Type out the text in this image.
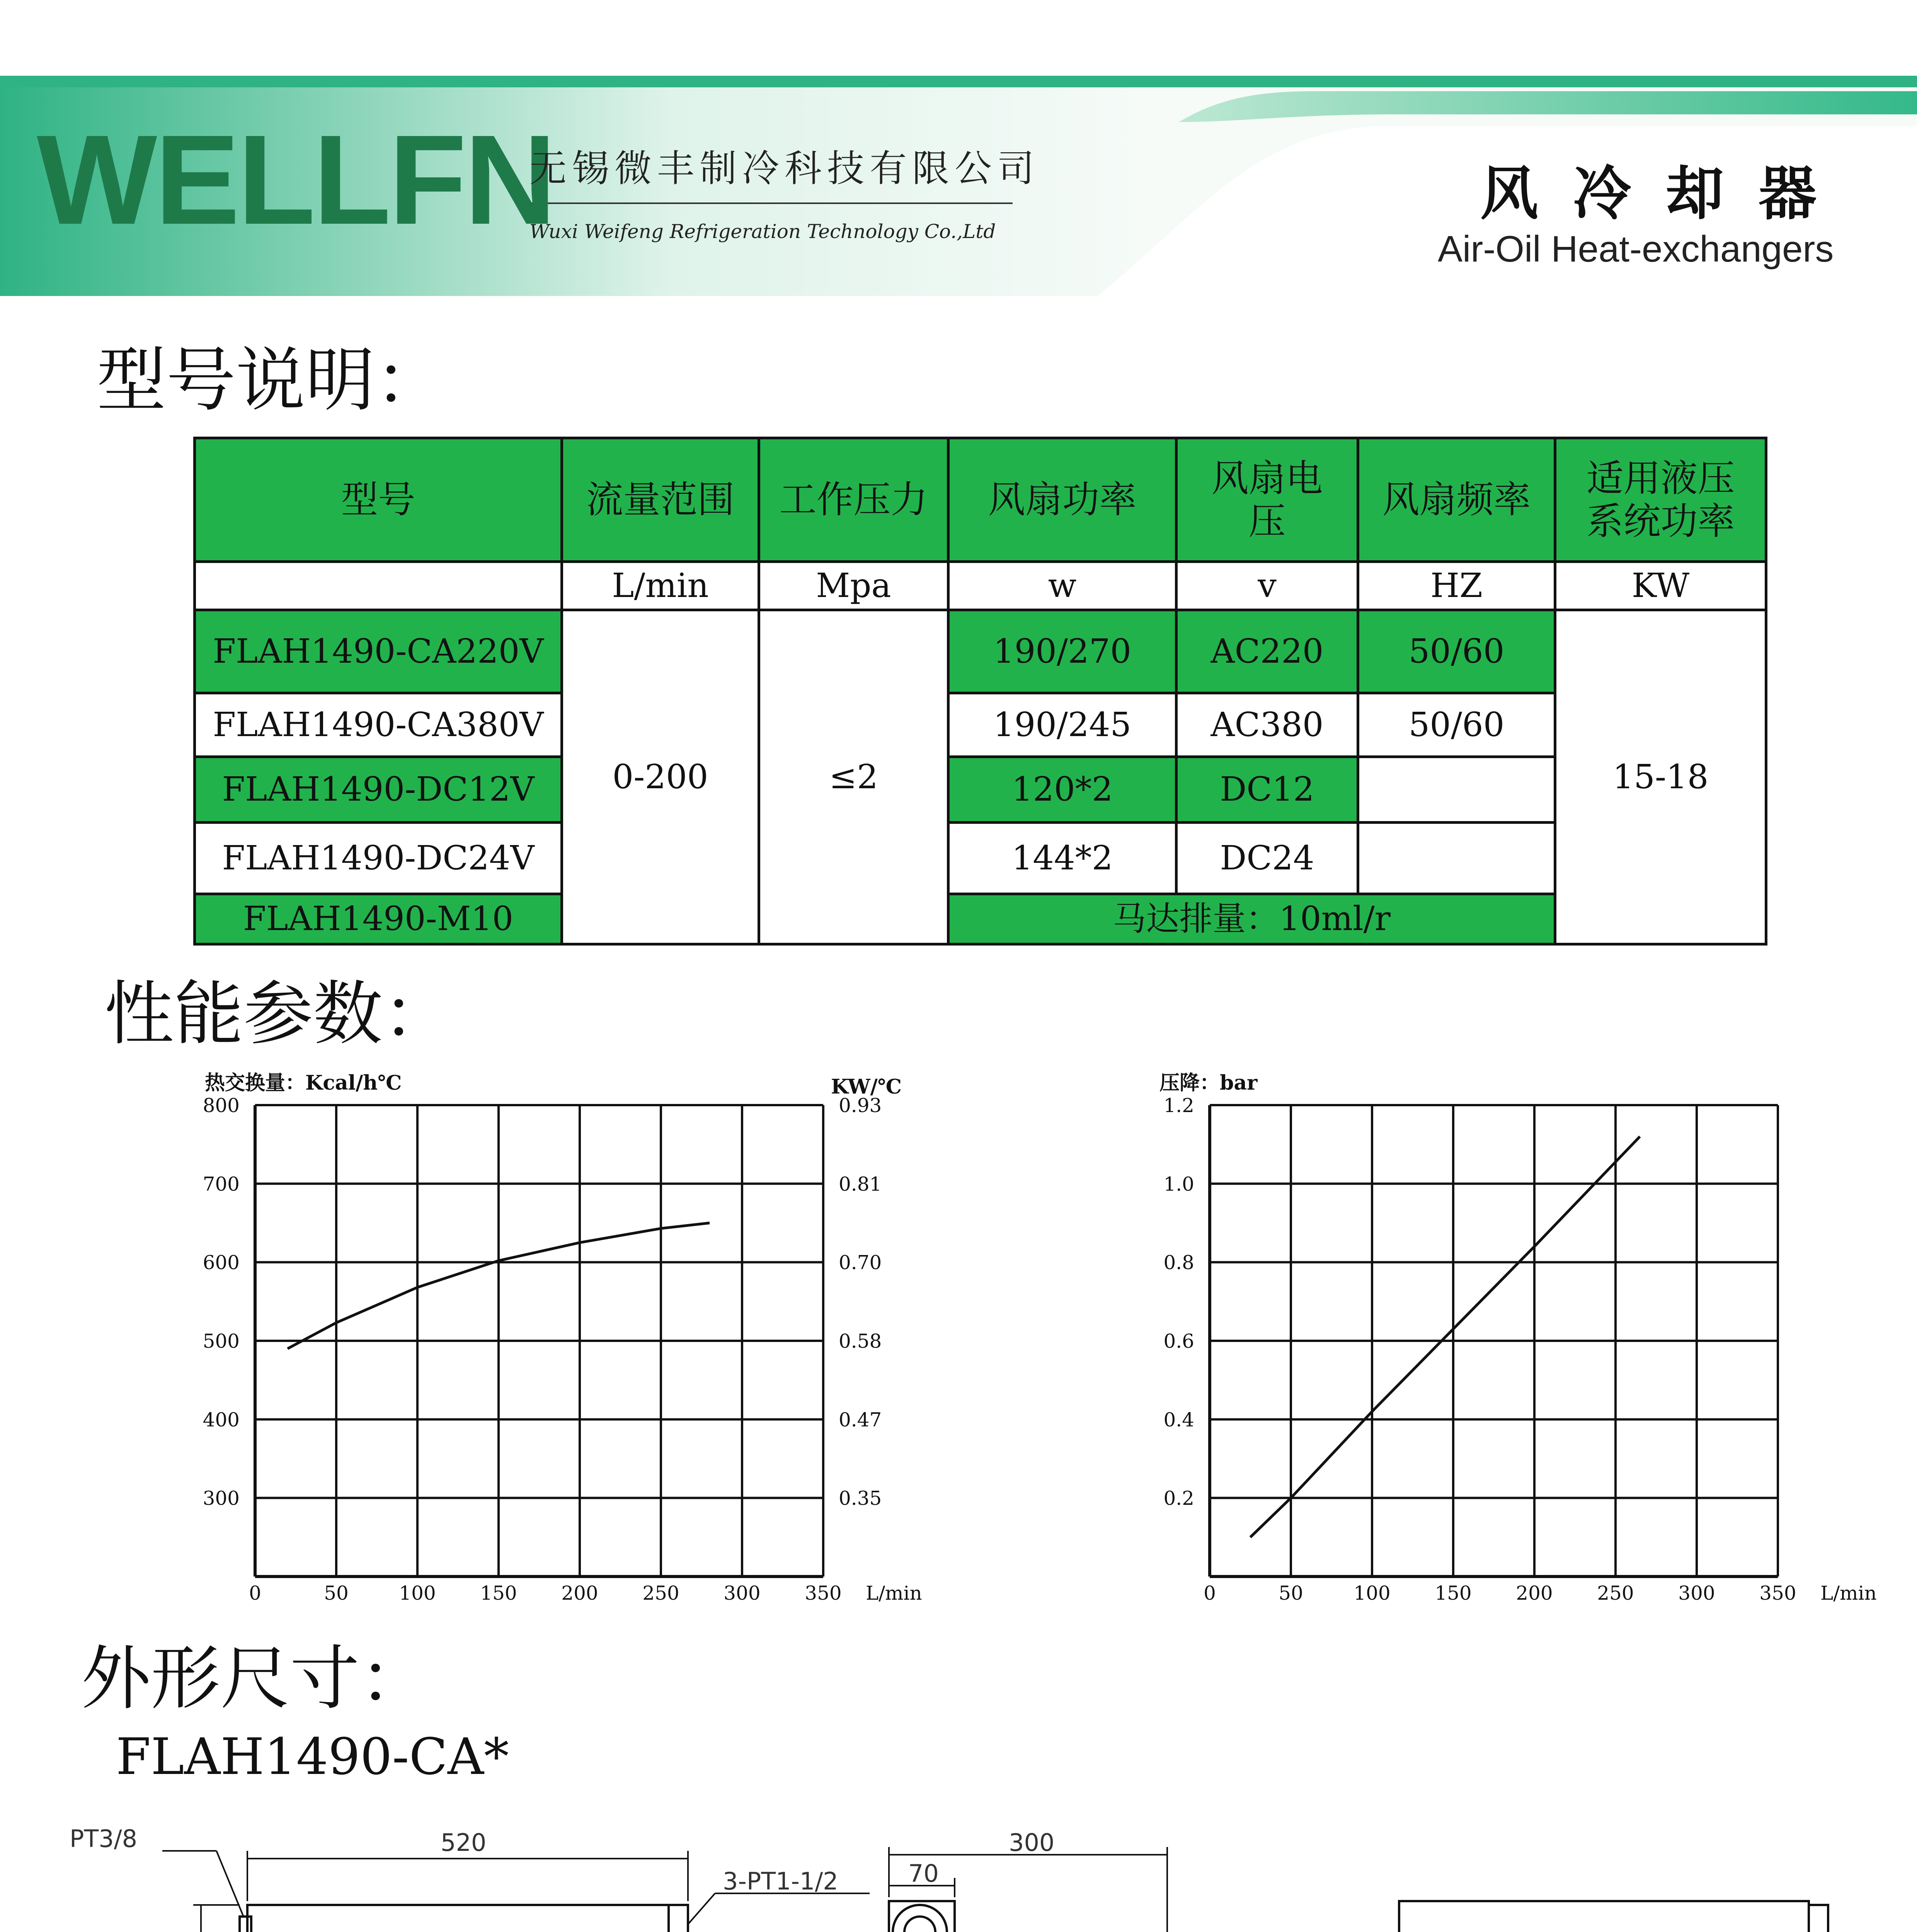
WELLFN
无锡微丰制冷科技有限公司
Wuxi Weifeng Refrigeration Technology Co.,Ltd
风冷却器
Air-Oil Heat-exchangers
型号说明：
型号	流量范围	工作压力	风扇功率	风扇电压	风扇频率	适用液压系统功率
	L/min	Mpa	w	v	HZ	KW
FLAH1490-CA220V	0-200	≤2	190/270	AC220	50/60	15-18
FLAH1490-CA380V			190/245	AC380	50/60	
FLAH1490-DC12V			120*2	DC12		
FLAH1490-DC24V			144*2	DC24		
FLAH1490-M10			马达排量：10ml/r			
性能参数：
0	50	100 150 200 250 300 350
300	0.35
400	0.47
500	0.58
600	0.70
700	0.81
800	0.93
热交换量：Kcal/h℃	KW/℃
L/min	0	50	100 150 200 250 300 350
0.2
0.4
0.6
0.8
1.0
1.2
压降：bar
L/min
外形尺寸：
FLAH1490-CA*
PT3/8
3-PT1-1/2
520	300
70
